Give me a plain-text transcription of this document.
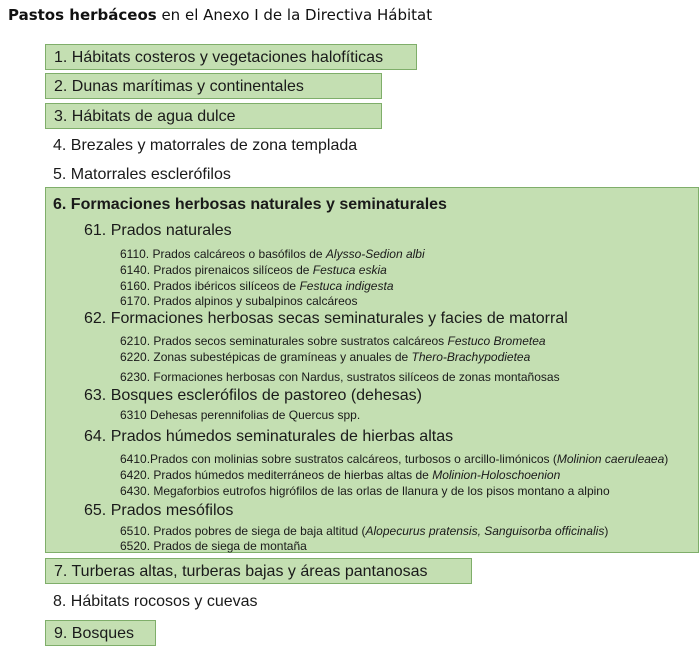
Pastos herbáceos en el Anexo I de la Directiva Hábitat
1. Hábitats costeros y vegetaciones halofíticas
2. Dunas marítimas y continentales
3. Hábitats de agua dulce
4. Brezales y matorrales de zona templada
5. Matorrales esclerófilos
6. Formaciones herbosas naturales y seminaturales
61. Prados naturales
6110. Prados calcáreos o basófilos de Alysso-Sedion albi
6140. Prados pirenaicos silíceos de Festuca eskia
6160. Prados ibéricos silíceos de Festuca indigesta
6170. Prados alpinos y subalpinos calcáreos
62. Formaciones herbosas secas seminaturales y facies de matorral
6210. Prados secos seminaturales sobre sustratos calcáreos Festuco Brometea
6220. Zonas subestépicas de gramíneas y anuales de Thero-Brachypodietea
6230. Formaciones herbosas con Nardus, sustratos silíceos de zonas montañosas
63. Bosques esclerófilos de pastoreo (dehesas)
6310 Dehesas perennifolias de Quercus spp.
64. Prados húmedos seminaturales de hierbas altas
6410.Prados con molinias sobre sustratos calcáreos, turbosos o arcillo-limónicos (Molinion caeruleaea)
6420. Prados húmedos mediterráneos de hierbas altas de Molinion-Holoschoenion
6430. Megaforbios eutrofos higrófilos de las orlas de llanura y de los pisos montano a alpino
65. Prados mesófilos
6510. Prados pobres de siega de baja altitud (Alopecurus pratensis, Sanguisorba officinalis)
6520. Prados de siega de montaña
7. Turberas altas, turberas bajas y áreas pantanosas
8. Hábitats rocosos y cuevas
9. Bosques
